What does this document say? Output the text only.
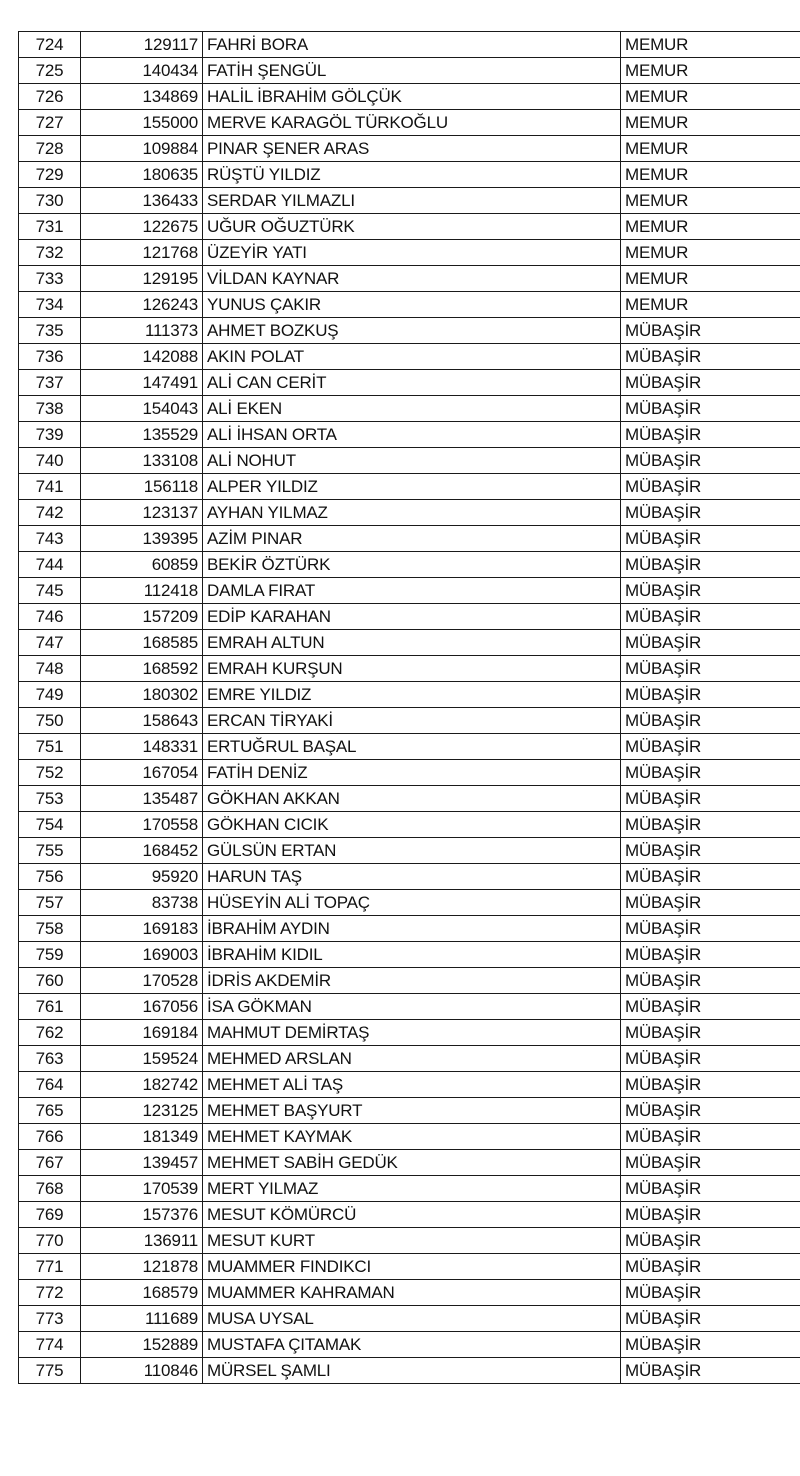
724	129117	FAHRİ BORA	MEMUR
725	140434	FATİH ŞENGÜL	MEMUR
726	134869	HALİL İBRAHİM GÖLÇÜK	MEMUR
727	155000	MERVE KARAGÖL TÜRKOĞLU	MEMUR
728	109884	PINAR ŞENER ARAS	MEMUR
729	180635	RÜŞTÜ YILDIZ	MEMUR
730	136433	SERDAR YILMAZLI	MEMUR
731	122675	UĞUR OĞUZTÜRK	MEMUR
732	121768	ÜZEYİR YATI	MEMUR
733	129195	VİLDAN KAYNAR	MEMUR
734	126243	YUNUS ÇAKIR	MEMUR
735	111373	AHMET BOZKUŞ	MÜBAŞİR
736	142088	AKIN POLAT	MÜBAŞİR
737	147491	ALİ CAN CERİT	MÜBAŞİR
738	154043	ALİ EKEN	MÜBAŞİR
739	135529	ALİ İHSAN ORTA	MÜBAŞİR
740	133108	ALİ NOHUT	MÜBAŞİR
741	156118	ALPER YILDIZ	MÜBAŞİR
742	123137	AYHAN YILMAZ	MÜBAŞİR
743	139395	AZİM PINAR	MÜBAŞİR
744	60859	BEKİR ÖZTÜRK	MÜBAŞİR
745	112418	DAMLA FIRAT	MÜBAŞİR
746	157209	EDİP KARAHAN	MÜBAŞİR
747	168585	EMRAH ALTUN	MÜBAŞİR
748	168592	EMRAH KURŞUN	MÜBAŞİR
749	180302	EMRE YILDIZ	MÜBAŞİR
750	158643	ERCAN TİRYAKİ	MÜBAŞİR
751	148331	ERTUĞRUL BAŞAL	MÜBAŞİR
752	167054	FATİH DENİZ	MÜBAŞİR
753	135487	GÖKHAN AKKAN	MÜBAŞİR
754	170558	GÖKHAN CICIK	MÜBAŞİR
755	168452	GÜLSÜN ERTAN	MÜBAŞİR
756	95920	HARUN TAŞ	MÜBAŞİR
757	83738	HÜSEYİN ALİ TOPAÇ	MÜBAŞİR
758	169183	İBRAHİM AYDIN	MÜBAŞİR
759	169003	İBRAHİM KIDIL	MÜBAŞİR
760	170528	İDRİS AKDEMİR	MÜBAŞİR
761	167056	İSA GÖKMAN	MÜBAŞİR
762	169184	MAHMUT DEMİRTAŞ	MÜBAŞİR
763	159524	MEHMED ARSLAN	MÜBAŞİR
764	182742	MEHMET ALİ TAŞ	MÜBAŞİR
765	123125	MEHMET BAŞYURT	MÜBAŞİR
766	181349	MEHMET KAYMAK	MÜBAŞİR
767	139457	MEHMET SABİH GEDÜK	MÜBAŞİR
768	170539	MERT YILMAZ	MÜBAŞİR
769	157376	MESUT KÖMÜRCÜ	MÜBAŞİR
770	136911	MESUT KURT	MÜBAŞİR
771	121878	MUAMMER FINDIKCI	MÜBAŞİR
772	168579	MUAMMER KAHRAMAN	MÜBAŞİR
773	111689	MUSA UYSAL	MÜBAŞİR
774	152889	MUSTAFA ÇITAMAK	MÜBAŞİR
775	110846	MÜRSEL ŞAMLI	MÜBAŞİR
